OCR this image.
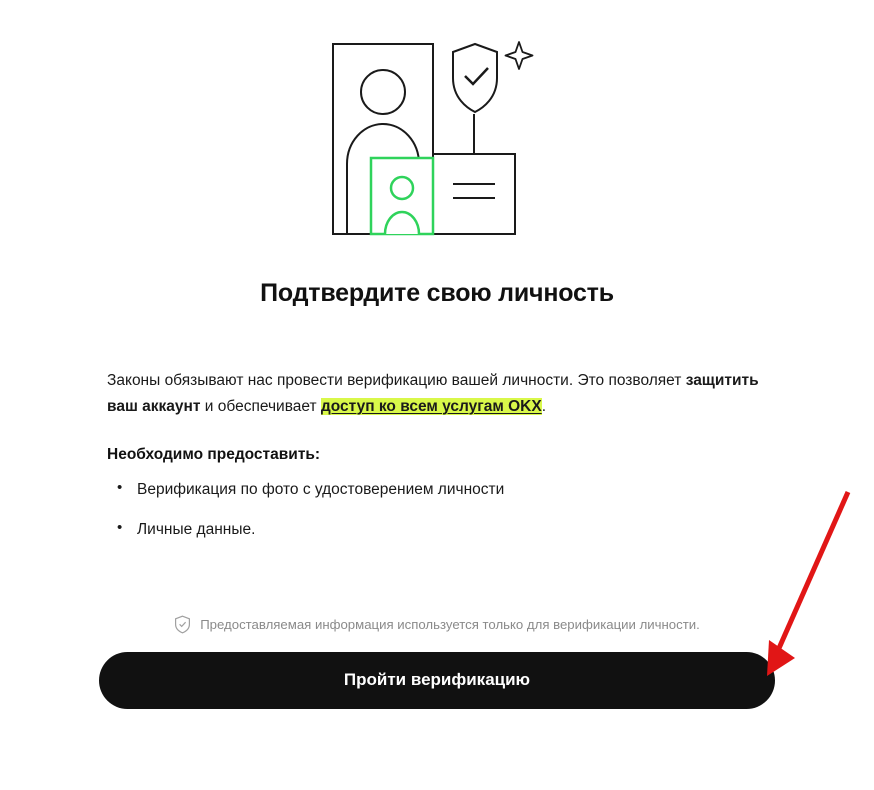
Подтвердите свою личность

Законы обязывают нас провести верификацию вашей личности. Это позволяет защитить ваш аккаунт и обеспечивает доступ ко всем услугам OKX.

Необходимо предоставить:
• Верификация по фото с удостоверением личности
• Личные данные.
Предоставляемая информация используется только для верификации личности.
Пройти верификацию
